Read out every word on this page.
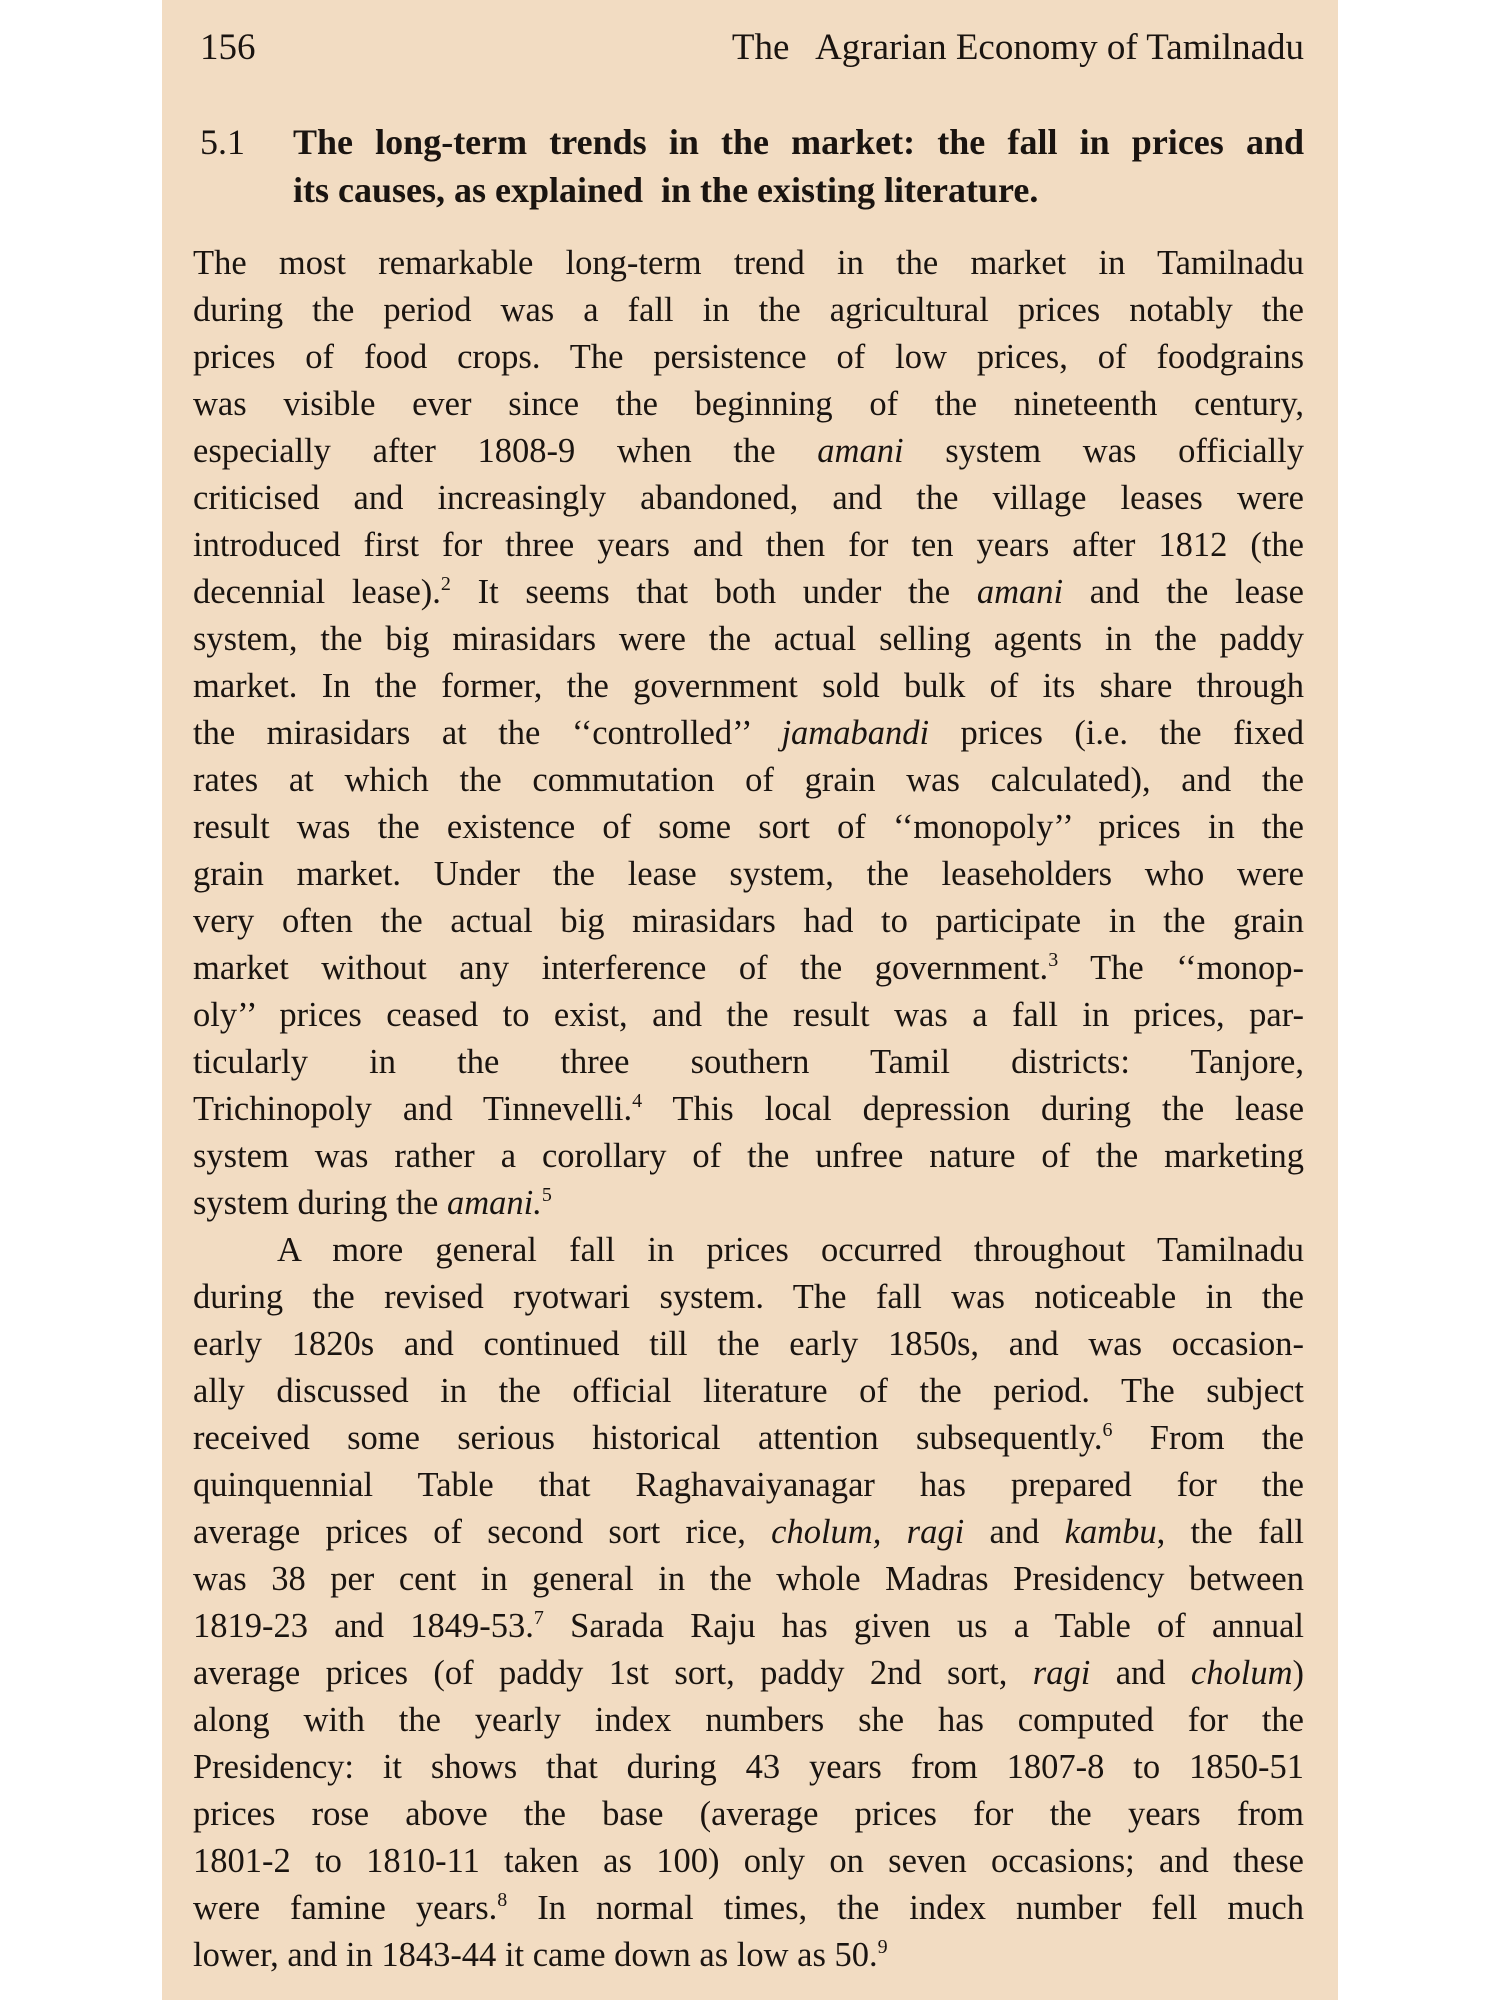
156	The   Agrarian Economy of Tamilnadu
5.1 The long-term trends in the market: the fall in prices and
its causes, as explained  in the existing literature.
The most remarkable long-term trend in the market in Tamilnadu
during the period was a fall in the agricultural prices notably the
prices of food crops. The persistence of low prices, of foodgrains
was visible ever since the beginning of the nineteenth century,
especially after 1808-9 when the amani system was officially
criticised and increasingly abandoned, and the village leases were
introduced first for three years and then for ten years after 1812 (the
decennial lease).$^2$ It seems that both under the amani and the lease
system, the big mirasidars were the actual selling agents in the paddy
market. In the former, the government sold bulk of its share through
the mirasidars at the ‘‘controlled’’ jamabandi prices (i.e. the fixed
rates at which the commutation of grain was calculated), and the
result was the existence of some sort of ‘‘monopoly’’ prices in the
grain market. Under the lease system, the leaseholders who were
very often the actual big mirasidars had to participate in the grain
market without any interference of the government.$^3$ The ‘‘monop-
oly’’ prices ceased to exist, and the result was a fall in prices, par-
ticularly in the three southern Tamil districts: Tanjore,
Trichinopoly and Tinnevelli.$^4$ This local depression during the lease
system was rather a corollary of the unfree nature of the marketing
system during the amani.$^5$
A more general fall in prices occurred throughout Tamilnadu
during the revised ryotwari system. The fall was noticeable in the
early 1820s and continued till the early 1850s, and was occasion-
ally discussed in the official literature of the period. The subject
received some serious historical attention subsequently.$^6$ From the
quinquennial Table that Raghavaiyanagar has prepared for the
average prices of second sort rice, cholum, ragi and kambu, the fall
was 38 per cent in general in the whole Madras Presidency between
1819-23 and 1849-53.$^7$ Sarada Raju has given us a Table of annual
average prices (of paddy 1st sort, paddy 2nd sort, ragi and cholum)
along with the yearly index numbers she has computed for the
Presidency: it shows that during 43 years from 1807-8 to 1850-51
prices rose above the base (average prices for the years from
1801-2 to 1810-11 taken as 100) only on seven occasions; and these
were famine years.$^8$ In normal times, the index number fell much
lower, and in 1843-44 it came down as low as 50.$^9$
